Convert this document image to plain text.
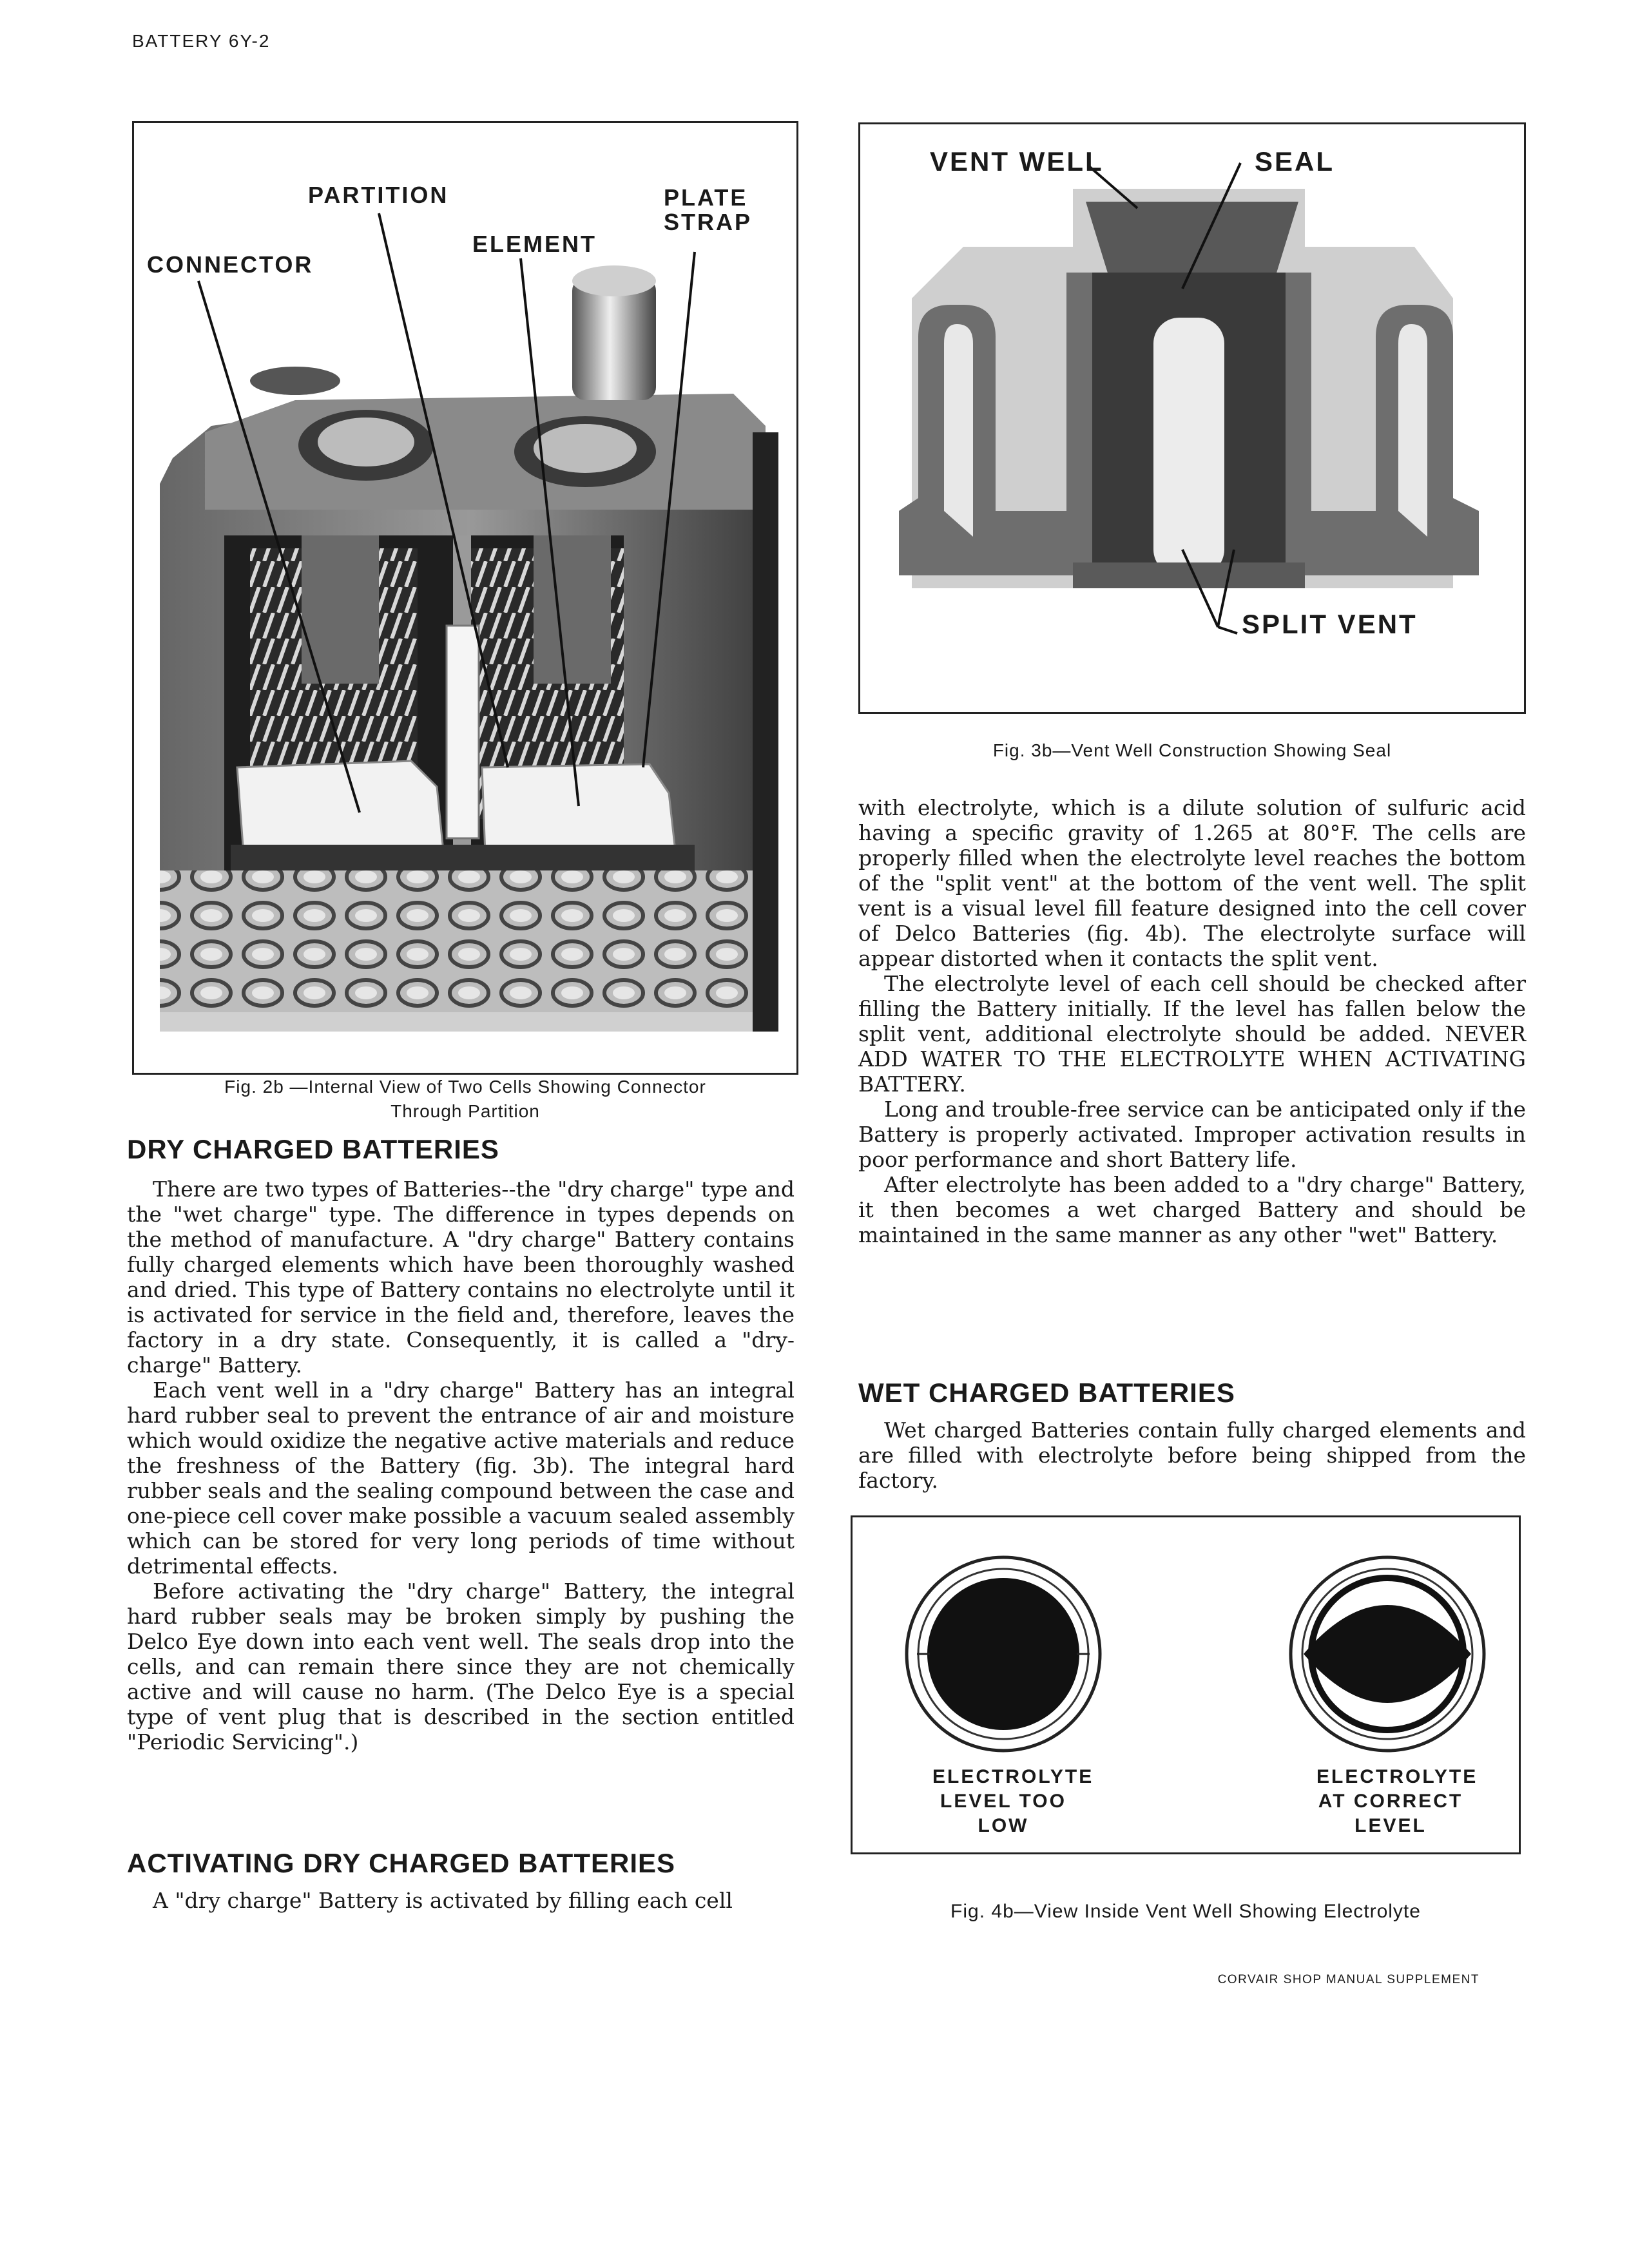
BATTERY 6Y-2
PARTITION	PLATE
STRAP
ELEMENT
CONNECTOR
Fig. 2b —Internal View of Two Cells Showing Connector
Through Partition
VENT WELL	SEAL
SPLIT VENT
Fig. 3b—Vent Well Construction Showing Seal
DRY CHARGED BATTERIES

There are two types of Batteries--the "dry charge" type and the "wet charge" type. The difference in types depends on the method of manufacture. A "dry charge" Battery contains fully charged elements which have been thoroughly washed and dried. This type of Battery contains no electrolyte until it is activated for service in the field and, therefore, leaves the factory in a dry state. Consequently, it is called a "dry-charge" Battery.

Each vent well in a "dry charge" Battery has an integral hard rubber seal to prevent the entrance of air and moisture which would oxidize the negative active materials and reduce the freshness of the Battery (fig. 3b). The integral hard rubber seals and the sealing compound between the case and one-piece cell cover make possible a vacuum sealed assembly which can be stored for very long periods of time without detrimental effects.

Before activating the "dry charge" Battery, the integral hard rubber seals may be broken simply by pushing the Delco Eye down into each vent well. The seals drop into the cells, and can remain there since they are not chemically active and will cause no harm. (The Delco Eye is a special type of vent plug that is described in the section entitled "Periodic Servicing".)

ACTIVATING DRY CHARGED BATTERIES

A "dry charge" Battery is activated by filling each cell

with electrolyte, which is a dilute solution of sulfuric acid having a specific gravity of 1.265 at 80°F. The cells are properly filled when the electrolyte level reaches the bottom of the "split vent" at the bottom of the vent well. The split vent is a visual level fill feature designed into the cell cover of Delco Batteries (fig. 4b). The electrolyte surface will appear distorted when it contacts the split vent.

The electrolyte level of each cell should be checked after filling the Battery initially. If the level has fallen below the split vent, additional electrolyte should be added. NEVER ADD WATER TO THE ELECTROLYTE WHEN ACTIVATING BATTERY.

Long and trouble-free service can be anticipated only if the Battery is properly activated. Improper activation results in poor performance and short Battery life.

After electrolyte has been added to a "dry charge" Battery, it then becomes a wet charged Battery and should be maintained in the same manner as any other "wet" Battery.

WET CHARGED BATTERIES

Wet charged Batteries contain fully charged elements and are filled with electrolyte before being shipped from the factory.

ELECTROLYTE
LEVEL TOO
LOW
ELECTROLYTE
AT CORRECT
LEVEL
Fig. 4b—View Inside Vent Well Showing Electrolyte
CORVAIR SHOP MANUAL SUPPLEMENT
